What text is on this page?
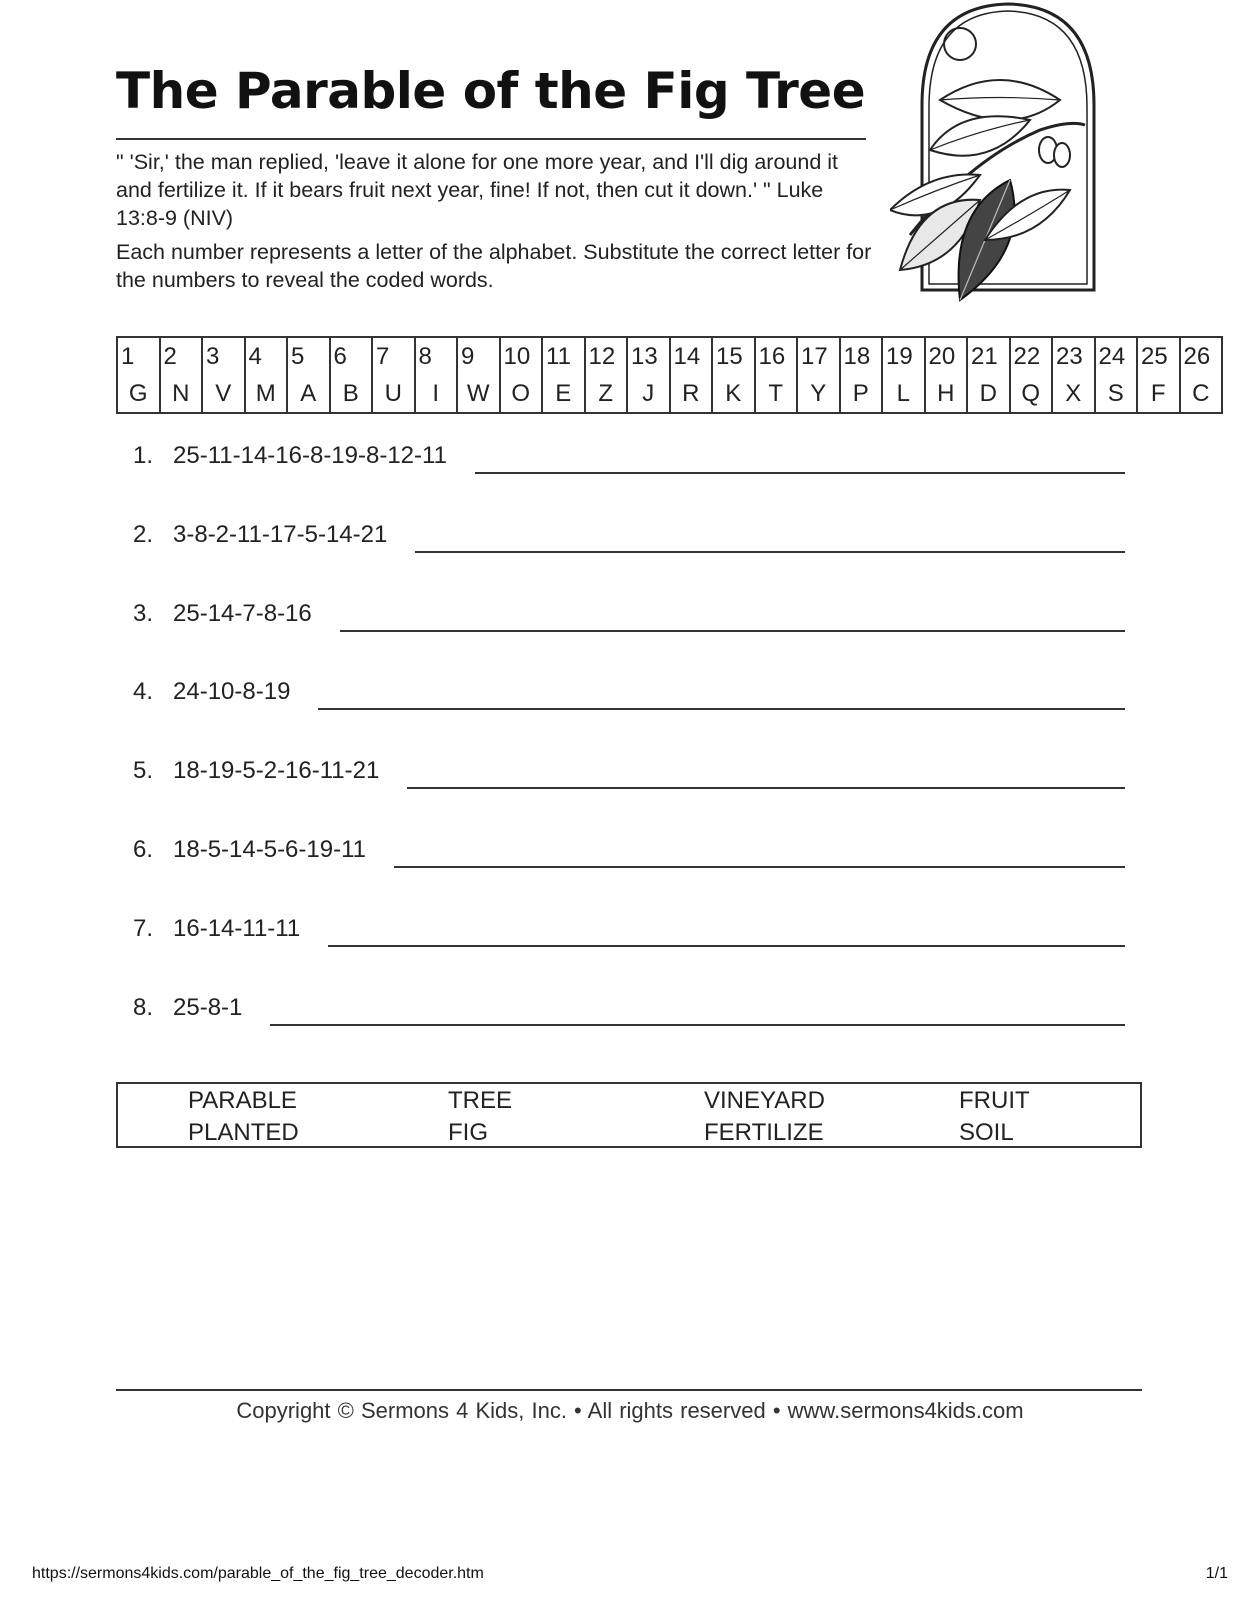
The Parable of the Fig Tree
" 'Sir,' the man replied, 'leave it alone for one more year, and I'll dig around it and fertilize it. If it bears fruit next year, fine! If not, then cut it down.' " Luke 13:8-9 (NIV)
Each number represents a letter of the alphabet. Substitute the correct letter for the numbers to reveal the coded words.
1	2	3	4	5	6	7	8	9	10	11	12	13	14	15	16	17	18	19	20	21	22	23	24	25	26
G	N	V	M	A	B	U	I	W	O	E	Z	J	R	K	T	Y	P	L	H	D	Q	X	S	F	C
1. 25-11-14-16-8-19-8-12-11
2. 3-8-2-11-17-5-14-21
3. 25-14-7-8-16
4. 24-10-8-19
5. 18-19-5-2-16-11-21
6. 18-5-14-5-6-19-11
7. 16-14-11-11
8. 25-8-1
PARABLE	TREE	VINEYARD	FRUIT
PLANTED	FIG	FERTILIZE	SOIL
Copyright © Sermons 4 Kids, Inc. • All rights reserved • www.sermons4kids.com
https://sermons4kids.com/parable_of_the_fig_tree_decoder.htm	1/1
